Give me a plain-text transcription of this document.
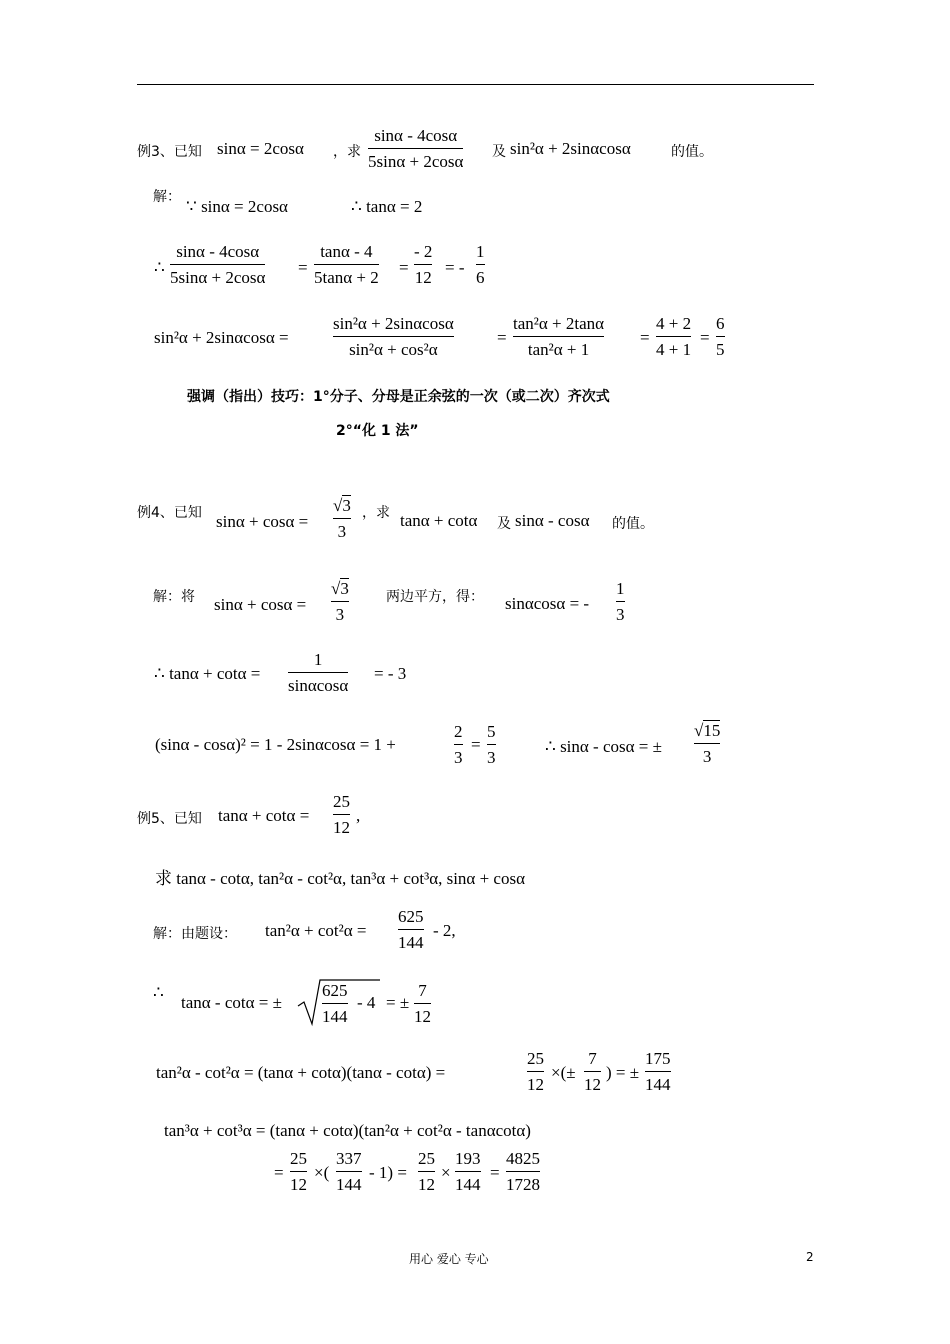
例3、已知 sinα = 2cosα ，求
sinα - 4cosα
5sinα + 2cosα 及 sin²α + 2sinαcosα	的值。
解： ∵ sinα = 2cosα	∴ tanα = 2
∴
sinα - 4cosα
5sinα + 2cosα
=
tanα - 4
5tanα + 2
=
- 2
12
= -
1
6
sin²α + 2sinαcosα =
sin²α + 2sinαcosα
sin²α + cos²α
=
tan²α + 2tanα
tan²α + 1
=
4 + 2
4 + 1
=
6
5
强调（指出）技巧：1°分子、分母是正余弦的一次（或二次）齐次式
2°“化 1 法”
例4、已知 sinα + cosα =
√3
3
，求 tanα + cotα 及 sinα - cosα 的值。
解：将 sinα + cosα =
√3
3
两边平方，得： sinαcosα = -
1
3
∴ tanα + cotα =
1
sinαcosα
= - 3
(sinα - cosα)² = 1 - 2sinαcosα = 1 +
2
3
=
5
3
∴ sinα - cosα = ±
√15
3
例5、已知 tanα + cotα =
25
12
,
求 tanα - cotα, tan²α - cot²α, tan³α + cot³α, sinα + cosα
解：由题设： tan²α + cot²α =
625
144
- 2,
∴
tanα - cotα = ±
625
144
- 4 = ±
7
12
tan²α - cot²α = (tanα + cotα)(tanα - cotα) =
25
12
×(±
7
12
) = ±
175
144
tan³α + cot³α = (tanα + cotα)(tan²α + cot²α - tanαcotα)
=
25
12
×(
337
144
- 1) =
25
12
×
193
144
=
4825
1728
用心 爱心 专心	2
